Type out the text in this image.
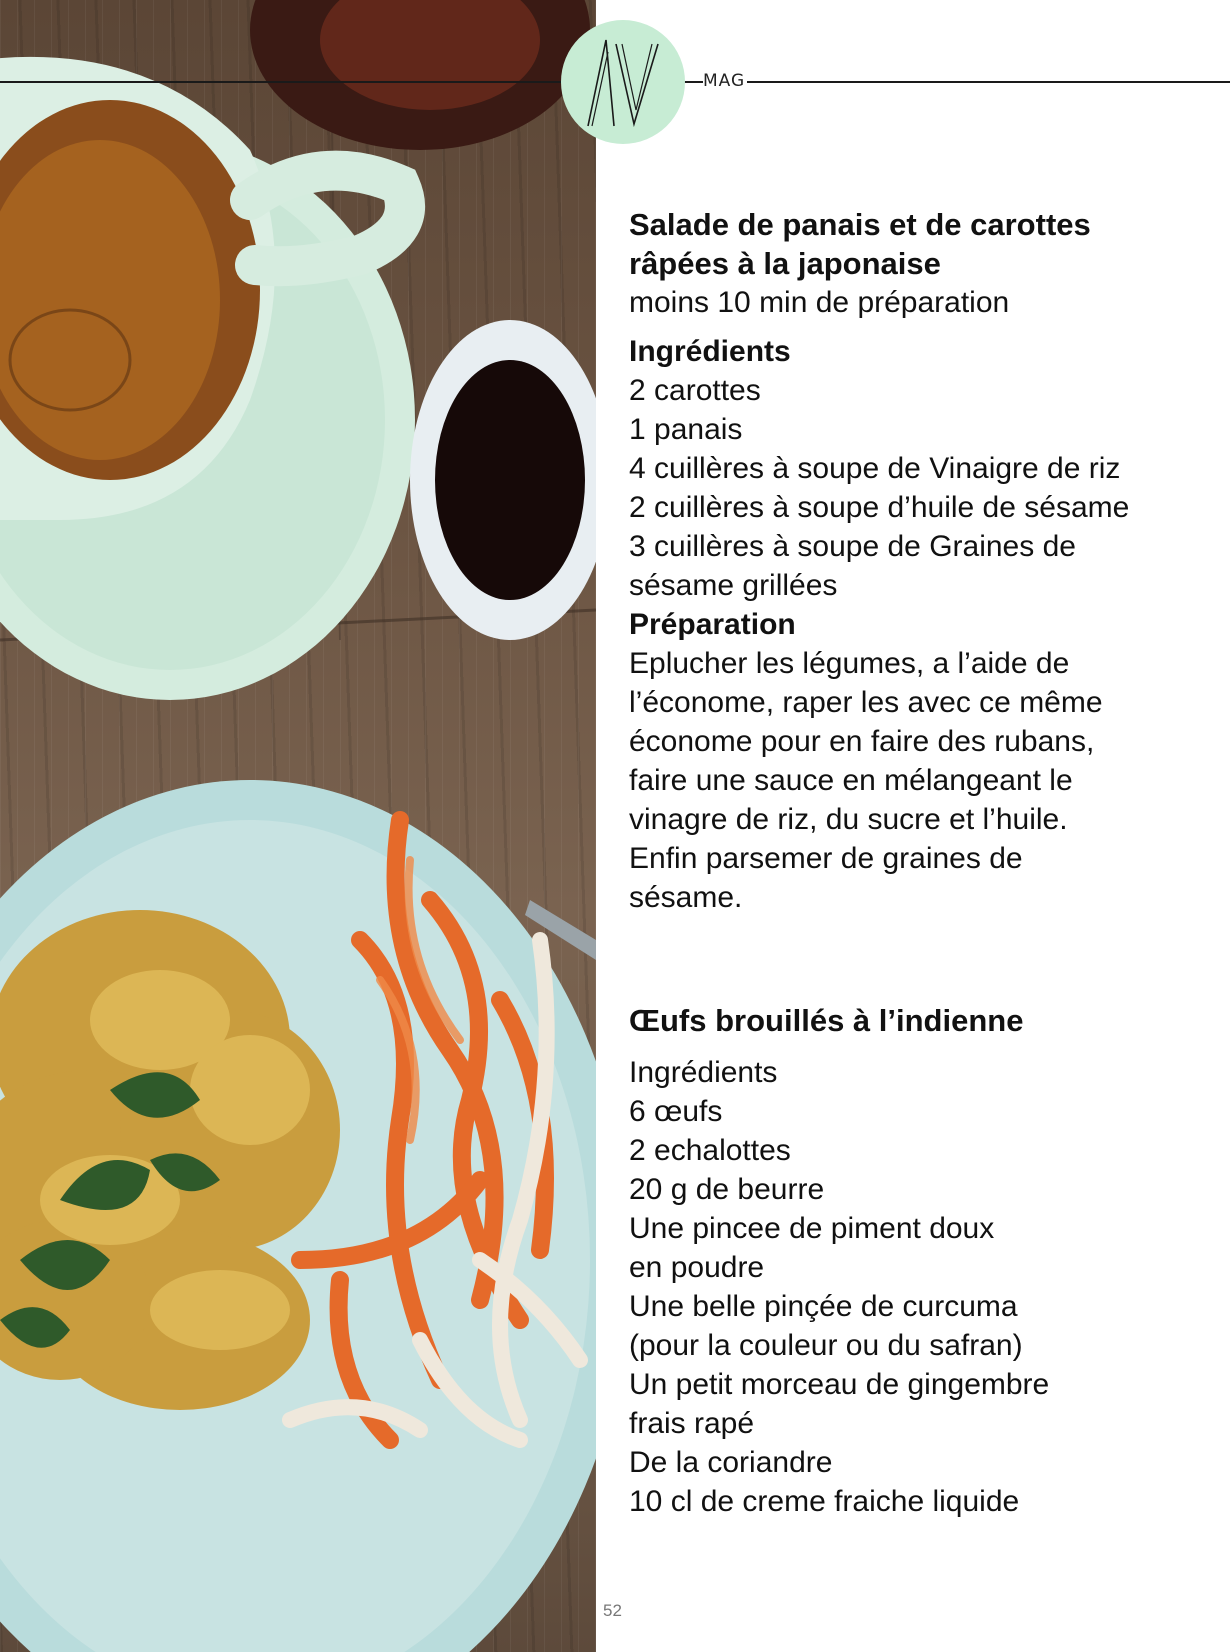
MAG

Salade de panais et de carottes

râpées à la japonaise

moins 10 min de préparation

Ingrédients

2 carottes

1 panais

4 cuillères à soupe de Vinaigre de riz

2 cuillères à soupe d’huile de sésame

3 cuillères à soupe de Graines de

sésame grillées

Préparation

Eplucher les légumes, a l’aide de

l’économe, raper les avec ce même

économe pour en faire des rubans,

faire une sauce en mélangeant le

vinagre de riz, du sucre et l’huile.

Enfin parsemer de graines de

sésame.

Œufs brouillés à l’indienne

Ingrédients

6 œufs

2 echalottes

20 g de beurre

Une pincee de piment doux

en poudre

Une belle pinçée de curcuma

(pour la couleur ou du safran)

Un petit morceau de gingembre

frais rapé

De la coriandre

10 cl de creme fraiche liquide

52
